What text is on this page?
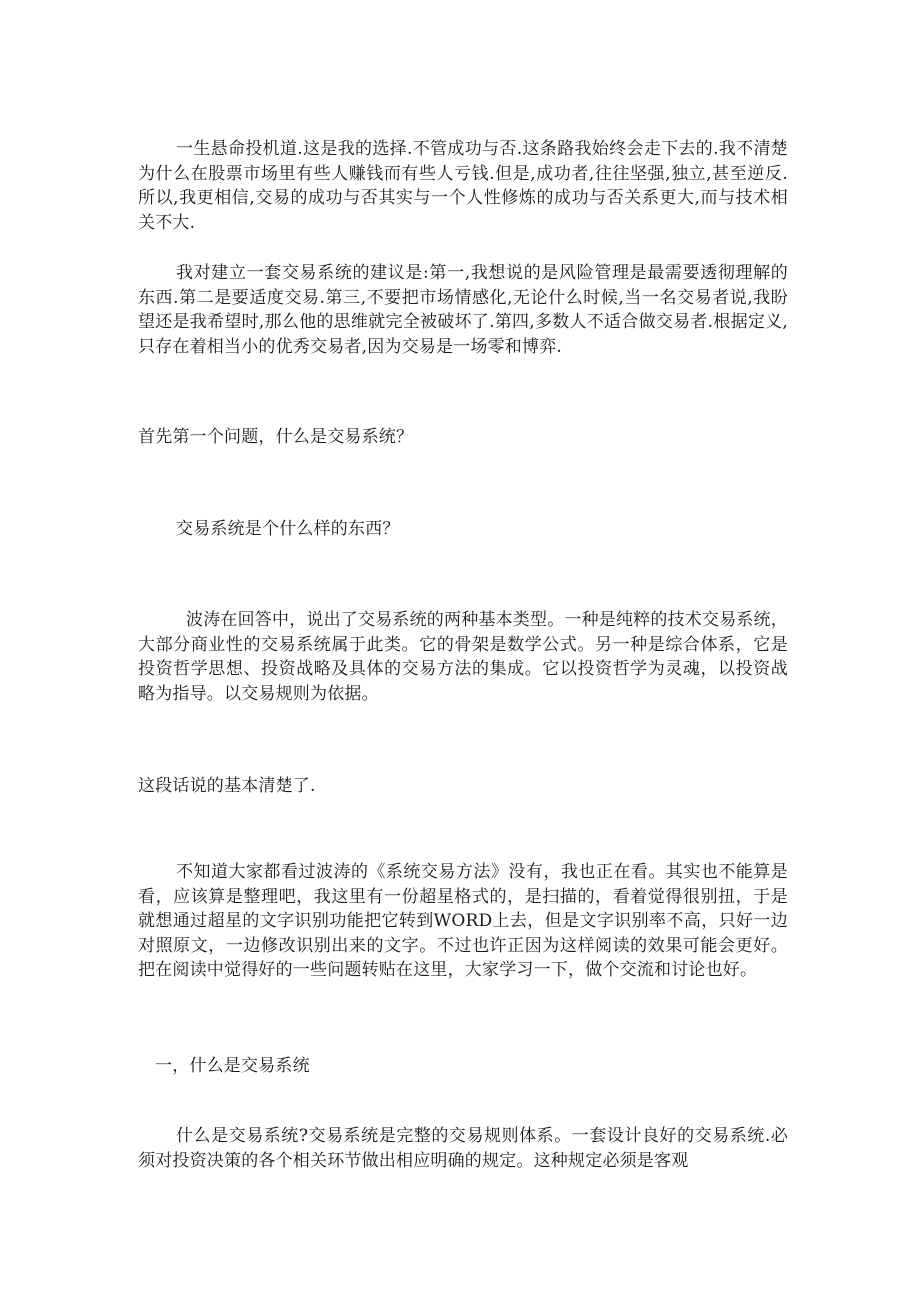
一生悬命投机道.这是我的选择.不管成功与否.这条路我始终会走下去的.我不清楚为什么在股票市场里有些人赚钱而有些人亏钱.但是,成功者,往往坚强,独立,甚至逆反.所以,我更相信,交易的成功与否其实与一个人性修炼的成功与否关系更大,而与技术相关不大.

我对建立一套交易系统的建议是:第一,我想说的是风险管理是最需要透彻理解的东西.第二是要适度交易.第三,不要把市场情感化,无论什么时候,当一名交易者说,我盼望还是我希望时,那么他的思维就完全被破坏了.第四,多数人不适合做交易者.根据定义,只存在着相当小的优秀交易者,因为交易是一场零和博弈.

首先第一个问题，什么是交易系统？

交易系统是个什么样的东西？

波涛在回答中，说出了交易系统的两种基本类型。一种是纯粹的技术交易系统，大部分商业性的交易系统属于此类。它的骨架是数学公式。另一种是综合体系，它是投资哲学思想、投资战略及具体的交易方法的集成。它以投资哲学为灵魂，以投资战略为指导。以交易规则为依据。

这段话说的基本清楚了.

不知道大家都看过波涛的《系统交易方法》没有，我也正在看。其实也不能算是看，应该算是整理吧，我这里有一份超星格式的，是扫描的，看着觉得很别扭，于是就想通过超星的文字识别功能把它转到WORD上去，但是文字识别率不高，只好一边对照原文，一边修改识别出来的文字。不过也许正因为这样阅读的效果可能会更好。把在阅读中觉得好的一些问题转贴在这里，大家学习一下，做个交流和讨论也好。

一，什么是交易系统

什么是交易系统?交易系统是完整的交易规则体系。一套设计良好的交易系统.必须对投资决策的各个相关环节做出相应明确的规定。这种规定必须是客观
